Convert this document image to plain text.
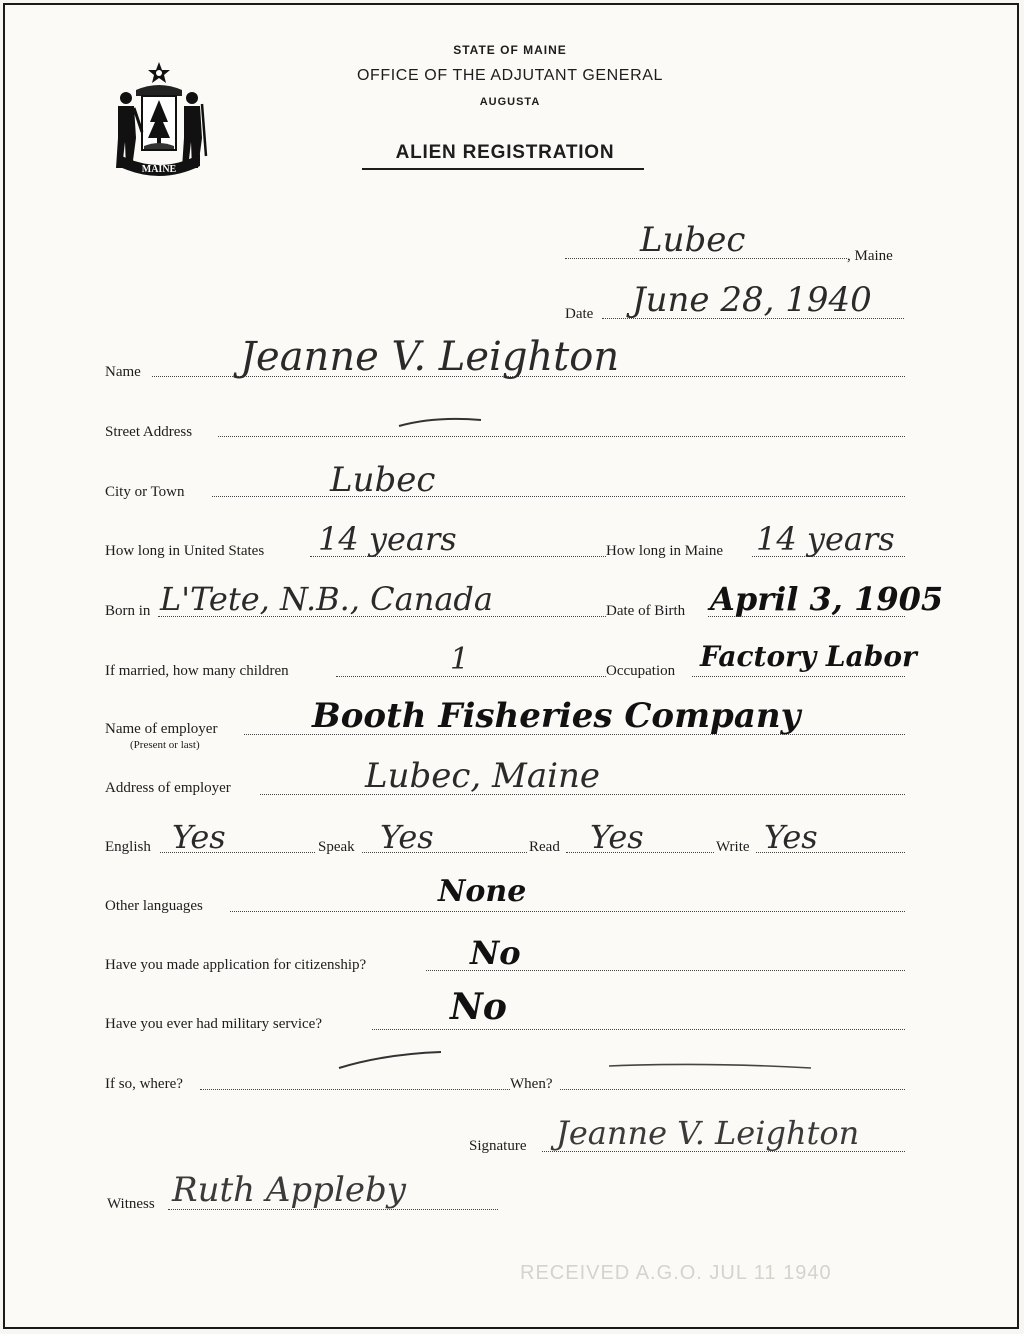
MAINE
STATE OF MAINE
OFFICE OF THE ADJUTANT GENERAL
AUGUSTA
ALIEN REGISTRATION
Lubec	, Maine
Date June 28, 1940
Name Jeanne V. Leighton
Street Address
City or Town	Lubec
How long in United States 14 years	How long in Maine 14 years
Born in L'Tete, N.B., Canada	Date of Birth April 3, 1905
If married, how many children	1	Occupation Factory Labor
Name of employer
(Present or last)
Booth Fisheries Company
Address of employer	Lubec, Maine
English Yes	Speak Yes	Read Yes	Write Yes
Other languages	None
Have you made application for citizenship?	No
Have you ever had military service?	No
If so, where?	When?
Signature Jeanne V. Leighton
Witness Ruth Appleby
RECEIVED A.G.O. JUL 11 1940
